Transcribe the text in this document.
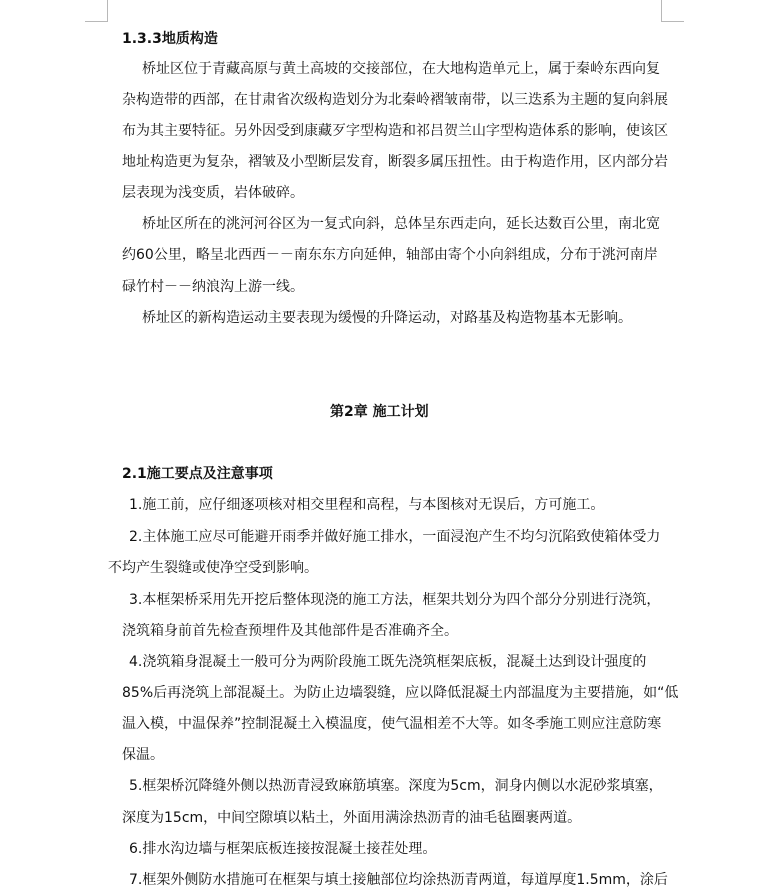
1.3.3地质构造
桥址区位于青藏高原与黄土高坡的交接部位，在大地构造单元上，属于秦岭东西向复
杂构造带的西部，在甘肃省次级构造划分为北秦岭褶皱南带，以三迭系为主题的复向斜展
布为其主要特征。另外因受到康藏歹字型构造和祁吕贺兰山字型构造体系的影响，使该区
地址构造更为复杂，褶皱及小型断层发育，断裂多属压扭性。由于构造作用，区内部分岩
层表现为浅变质，岩体破碎。
桥址区所在的洮河河谷区为一复式向斜，总体呈东西走向，延长达数百公里，南北宽
约60公里，略呈北西西－－南东东方向延伸，轴部由寄个小向斜组成，分布于洮河南岸
碌竹村－－纳浪沟上游一线。
桥址区的新构造运动主要表现为缓慢的升降运动，对路基及构造物基本无影响。
第2章 施工计划
2.1施工要点及注意事项
1.施工前，应仔细逐项核对相交里程和高程，与本图核对无误后，方可施工。
2.主体施工应尽可能避开雨季并做好施工排水，一面浸泡产生不均匀沉陷致使箱体受力
不均产生裂缝或使净空受到影响。
3.本框架桥采用先开挖后整体现浇的施工方法，框架共划分为四个部分分别进行浇筑，
浇筑箱身前首先检查预埋件及其他部件是否准确齐全。
4.浇筑箱身混凝土一般可分为两阶段施工既先浇筑框架底板，混凝土达到设计强度的
85%后再浇筑上部混凝土。为防止边墙裂缝，应以降低混凝土内部温度为主要措施，如“低
温入模，中温保养”控制混凝土入模温度，使气温相差不大等。如冬季施工则应注意防寒
保温。
5.框架桥沉降缝外侧以热沥青浸致麻筋填塞。深度为5cm，洞身内侧以水泥砂浆填塞，
深度为15cm，中间空隙填以粘土，外面用满涂热沥青的油毛毡圈裹两道。
6.排水沟边墙与框架底板连接按混凝土接茬处理。
7.框架外侧防水措施可在框架与填土接触部位均涂热沥青两道，每道厚度1.5mm，涂后
